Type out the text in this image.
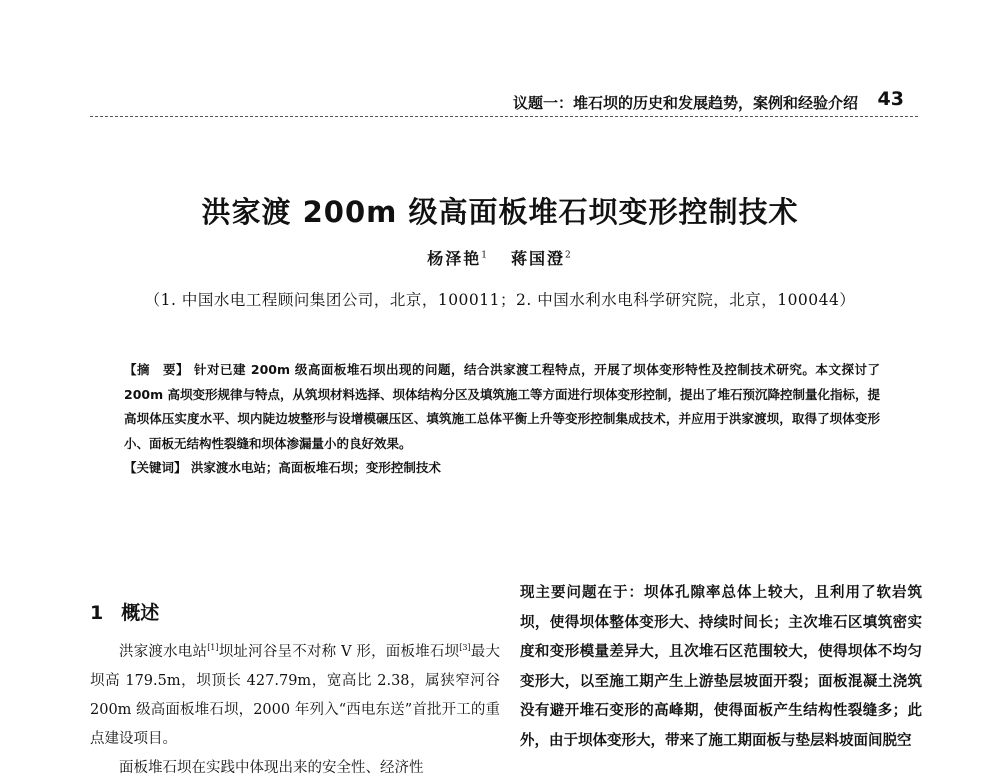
议题一：堆石坝的历史和发展趋势，案例和经验介绍 43
洪家渡 200m 级高面板堆石坝变形控制技术
杨泽艳$^1$ 蒋国澄$^2$
（1. 中国水电工程顾问集团公司，北京，100011；2. 中国水利水电科学研究院，北京，100044）

【摘　要】 针对已建 200m 级高面板堆石坝出现的问题，结合洪家渡工程特点，开展了坝体变形特性及控制技术研究。本文探讨了 200m 高坝变形规律与特点，从筑坝材料选择、坝体结构分区及填筑施工等方面进行坝体变形控制，提出了堆石预沉降控制量化指标，提高坝体压实度水平、坝内陡边坡整形与设增模碾压区、填筑施工总体平衡上升等变形控制集成技术，并应用于洪家渡坝，取得了坝体变形小、面板无结构性裂缝和坝体渗漏量小的良好效果。

【关键词】 洪家渡水电站；高面板堆石坝；变形控制技术

1 概述

洪家渡水电站[1]坝址河谷呈不对称 V 形，面板堆石坝[3]最大坝高 179.5m，坝顶长 427.79m，宽高比 2.38，属狭窄河谷 200m 级高面板堆石坝，2000 年列入“西电东送”首批开工的重点建设项目。

面板堆石坝在实践中体现出来的安全性、经济性

现主要问题在于：坝体孔隙率总体上较大，且利用了软岩筑坝，使得坝体整体变形大、持续时间长；主次堆石区填筑密实度和变形模量差异大，且次堆石区范围较大，使得坝体不均匀变形大，以至施工期产生上游垫层坡面开裂；面板混凝土浇筑没有避开堆石变形的高峰期，使得面板产生结构性裂缝多；此外，由于坝体变形大，带来了施工期面板与垫层料坡面间脱空
